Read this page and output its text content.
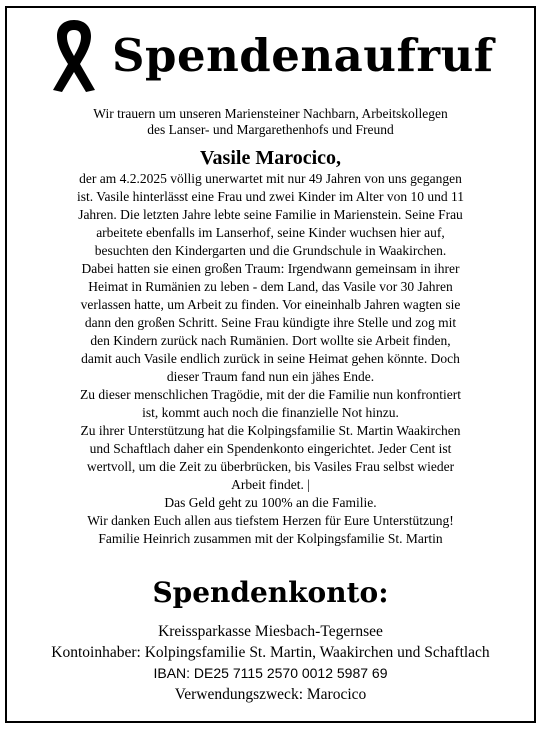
Spendenaufruf
Wir trauern um unseren Mariensteiner Nachbarn, Arbeitskollegen
des Lanser- und Margarethenhofs und Freund
Vasile Marocico,
der am 4.2.2025 völlig unerwartet mit nur 49 Jahren von uns gegangen
ist. Vasile hinterlässt eine Frau und zwei Kinder im Alter von 10 und 11
Jahren. Die letzten Jahre lebte seine Familie in Marienstein. Seine Frau
arbeitete ebenfalls im Lanserhof, seine Kinder wuchsen hier auf,
besuchten den Kindergarten und die Grundschule in Waakirchen.
Dabei hatten sie einen großen Traum: Irgendwann gemeinsam in ihrer
Heimat in Rumänien zu leben - dem Land, das Vasile vor 30 Jahren
verlassen hatte, um Arbeit zu finden. Vor eineinhalb Jahren wagten sie
dann den großen Schritt. Seine Frau kündigte ihre Stelle und zog mit
den Kindern zurück nach Rumänien. Dort wollte sie Arbeit finden,
damit auch Vasile endlich zurück in seine Heimat gehen könnte. Doch
dieser Traum fand nun ein jähes Ende.
Zu dieser menschlichen Tragödie, mit der die Familie nun konfrontiert
ist, kommt auch noch die finanzielle Not hinzu.
Zu ihrer Unterstützung hat die Kolpingsfamilie St. Martin Waakirchen
und Schaftlach daher ein Spendenkonto eingerichtet. Jeder Cent ist
wertvoll, um die Zeit zu überbrücken, bis Vasiles Frau selbst wieder
Arbeit findet. |
Das Geld geht zu 100% an die Familie.
Wir danken Euch allen aus tiefstem Herzen für Eure Unterstützung!
Familie Heinrich zusammen mit der Kolpingsfamilie St. Martin
Spendenkonto:
Kreissparkasse Miesbach-Tegernsee
Kontoinhaber: Kolpingsfamilie St. Martin, Waakirchen und Schaftlach
IBAN: DE25 7115 2570 0012 5987 69
Verwendungszweck: Marocico
